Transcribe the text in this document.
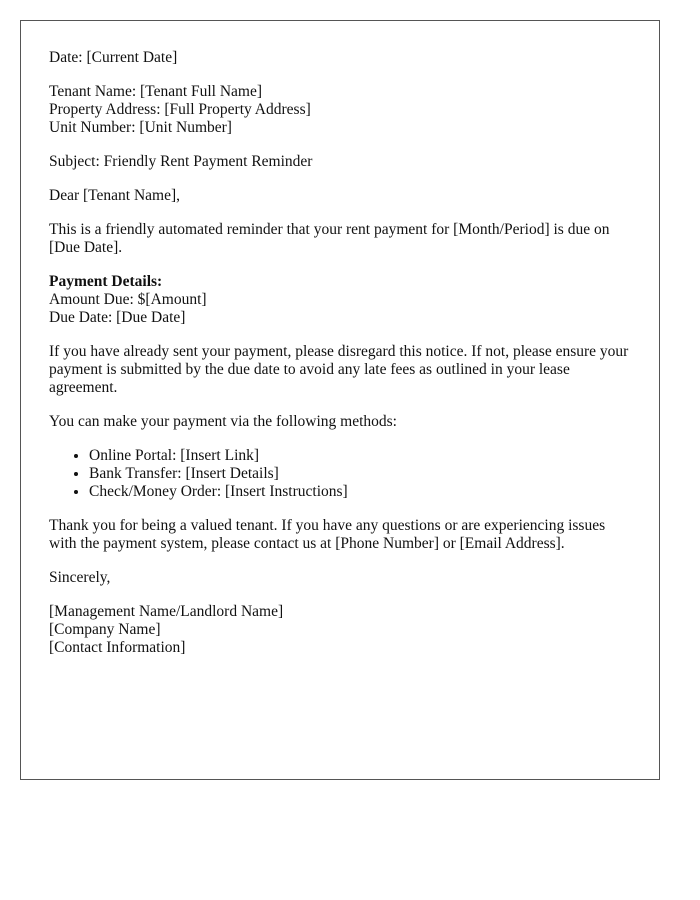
Date: [Current Date]

Tenant Name: [Tenant Full Name]
Property Address: [Full Property Address]
Unit Number: [Unit Number]

Subject: Friendly Rent Payment Reminder

Dear [Tenant Name],

This is a friendly automated reminder that your rent payment for [Month/Period] is due on [Due Date].

Payment Details:
Amount Due: $[Amount]
Due Date: [Due Date]

If you have already sent your payment, please disregard this notice. If not, please ensure your payment is submitted by the due date to avoid any late fees as outlined in your lease agreement.

You can make your payment via the following methods:

• Online Portal: [Insert Link]
• Bank Transfer: [Insert Details]
• Check/Money Order: [Insert Instructions]

Thank you for being a valued tenant. If you have any questions or are experiencing issues with the payment system, please contact us at [Phone Number] or [Email Address].

Sincerely,

[Management Name/Landlord Name]
[Company Name]
[Contact Information]
